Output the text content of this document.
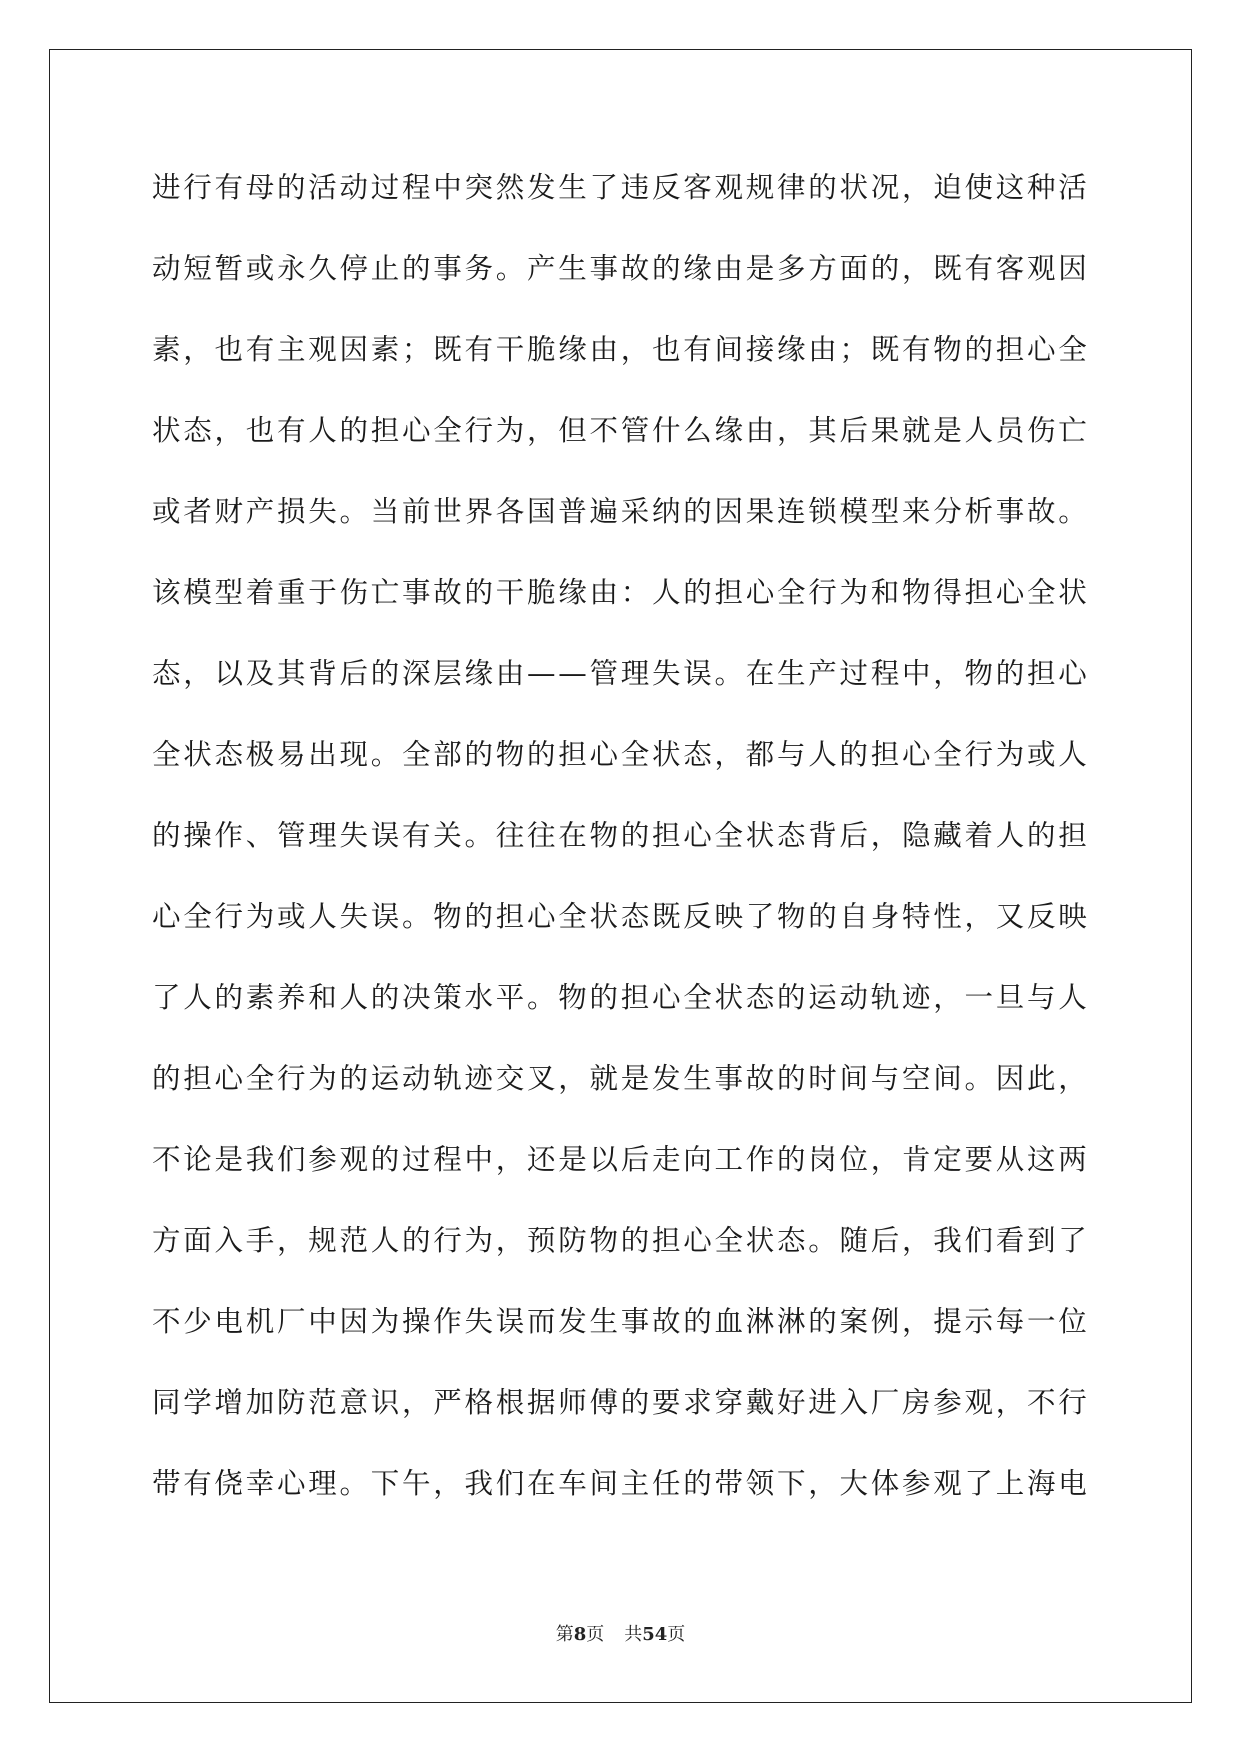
进 行 有 母 的 活 动 过 程 中 突 然 发 生 了 违 反 客 观 规 律 的 状 况 ， 迫 使 这 种 活
动 短 暂 或 永 久 停 止 的 事 务 。 产 生 事 故 的 缘 由 是 多 方 面 的 ， 既 有 客 观 因
素 ， 也 有 主 观 因 素 ； 既 有 干 脆 缘 由 ， 也 有 间 接 缘 由 ； 既 有 物 的 担 心 全
状 态 ， 也 有 人 的 担 心 全 行 为 ， 但 不 管 什 么 缘 由 ， 其 后 果 就 是 人 员 伤 亡
或 者 财 产 损 失 。 当 前 世 界 各 国 普 遍 采 纳 的 因 果 连 锁 模 型 来 分 析 事 故 。
该 模 型 着 重 于 伤 亡 事 故 的 干 脆 缘 由 ： 人 的 担 心 全 行 为 和 物 得 担 心 全 状
态 ， 以 及 其 背 后 的 深 层 缘 由 — — 管 理 失 误 。 在 生 产 过 程 中 ， 物 的 担 心
全 状 态 极 易 出 现 。 全 部 的 物 的 担 心 全 状 态 ， 都 与 人 的 担 心 全 行 为 或 人
的 操 作 、 管 理 失 误 有 关 。 往 往 在 物 的 担 心 全 状 态 背 后 ， 隐 藏 着 人 的 担
心 全 行 为 或 人 失 误 。 物 的 担 心 全 状 态 既 反 映 了 物 的 自 身 特 性 ， 又 反 映
了 人 的 素 养 和 人 的 决 策 水 平 。 物 的 担 心 全 状 态 的 运 动 轨 迹 ， 一 旦 与 人
的 担 心 全 行 为 的 运 动 轨 迹 交 叉 ， 就 是 发 生 事 故 的 时 间 与 空 间 。 因 此 ，
不 论 是 我 们 参 观 的 过 程 中 ， 还 是 以 后 走 向 工 作 的 岗 位 ， 肯 定 要 从 这 两
方 面 入 手 ， 规 范 人 的 行 为 ， 预 防 物 的 担 心 全 状 态 。 随 后 ， 我 们 看 到 了
不 少 电 机 厂 中 因 为 操 作 失 误 而 发 生 事 故 的 血 淋 淋 的 案 例 ， 提 示 每 一 位
同 学 增 加 防 范 意 识 ， 严 格 根 据 师 傅 的 要 求 穿 戴 好 进 入 厂 房 参 观 ， 不 行
带 有 侥 幸 心 理 。 下 午 ， 我 们 在 车 间 主 任 的 带 领 下 ， 大 体 参 观 了 上 海 电
第8页 共54页
